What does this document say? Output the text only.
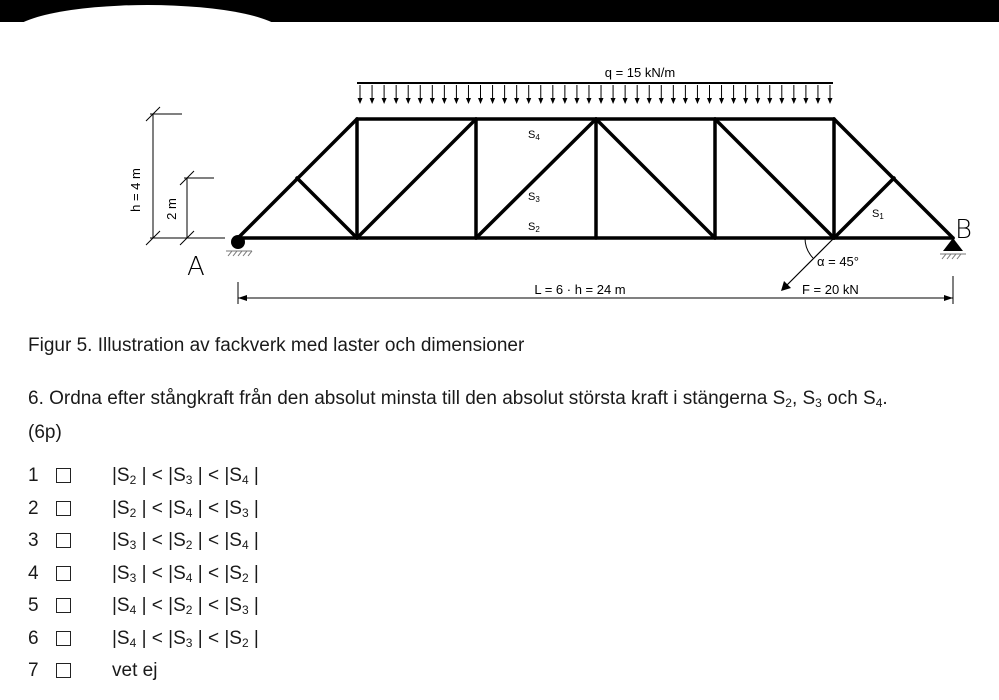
q = 15 kN/m
S4
S3
S2
S1
A
B
α = 45°
F = 20 kN
L = 6 · h = 24 m
h = 4 m 2 m
Figur 5. Illustration av fackverk med laster och dimensioner
6. Ordna efter stångkraft från den absolut minsta till den absolut största kraft i stängerna $S_2$, $S_3$ och $S_4$.
(6p)
1	$|S_2$ | < $|S_3$ | < $|S_4$ |
2	$|S_2$ | < $|S_4$ | < $|S_3$ |
3	$|S_3$ | < $|S_2$ | < $|S_4$ |
4	$|S_3$ | < $|S_4$ | < $|S_2$ |
5	$|S_4$ | < $|S_2$ | < $|S_3$ |
6	$|S_4$ | < $|S_3$ | < $|S_2$ |
7	vet ej
